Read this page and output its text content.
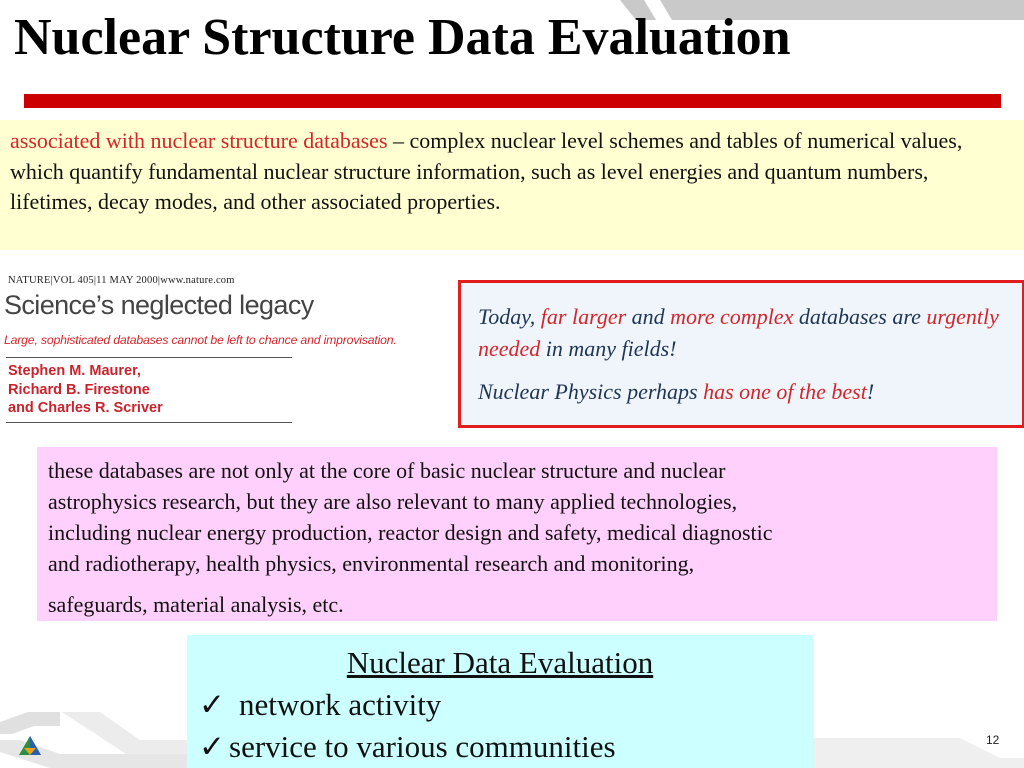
Nuclear Structure Data Evaluation
associated with nuclear structure databases – complex nuclear level schemes and tables of numerical values, which quantify fundamental nuclear structure information, such as level energies and quantum numbers, lifetimes, decay modes, and other associated properties.
NATURE|VOL 405|11 MAY 2000|www.nature.com
Science’s neglected legacy
Large, sophisticated databases cannot be left to chance and improvisation.
Stephen M. Maurer,
Richard B. Firestone
and Charles R. Scriver

Today, far larger and more complex databases are urgently needed in many fields!

Nuclear Physics perhaps has one of the best!

these databases are not only at the core of basic nuclear structure and nuclear
astrophysics research, but they are also relevant to many applied technologies,
including nuclear energy production, reactor design and safety, medical diagnostic
and radiotherapy, health physics, environmental research and monitoring,
safeguards, material analysis, etc.
Nuclear Data Evaluation
✓ network activity
✓ service to various communities	12
